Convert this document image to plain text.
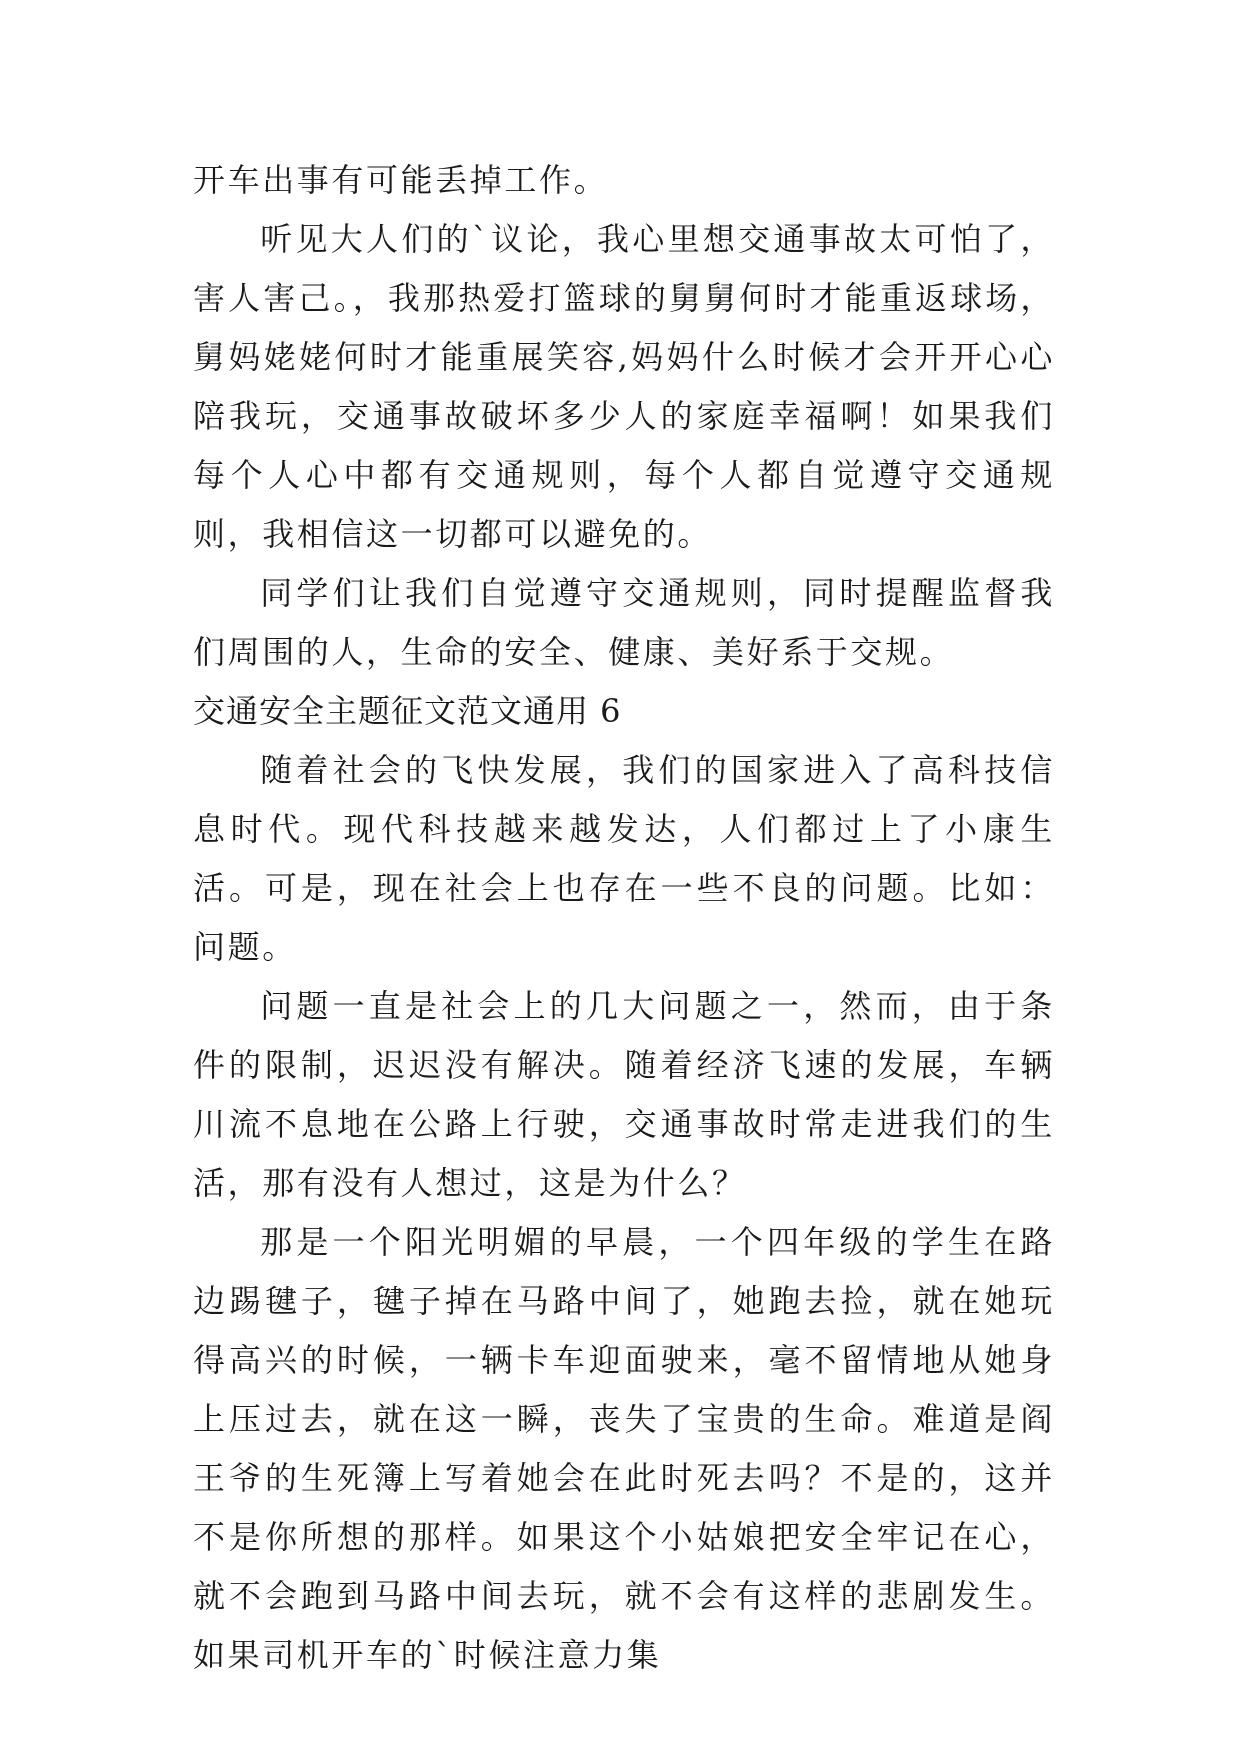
开车出事有可能丢掉工作。

听见大人们的`议论，我心里想交通事故太可怕了，害人害己。，我那热爱打篮球的舅舅何时才能重返球场，舅妈姥姥何时才能重展笑容,妈妈什么时候才会开开心心陪我玩，交通事故破坏多少人的家庭幸福啊！如果我们每个人心中都有交通规则，每个人都自觉遵守交通规则，我相信这一切都可以避免的。

同学们让我们自觉遵守交通规则，同时提醒监督我们周围的人，生命的安全、健康、美好系于交规。

交通安全主题征文范文通用 6

随着社会的飞快发展，我们的国家进入了高科技信息时代。现代科技越来越发达，人们都过上了小康生活。可是，现在社会上也存在一些不良的问题。比如：问题。

问题一直是社会上的几大问题之一，然而，由于条件的限制，迟迟没有解决。随着经济飞速的发展，车辆川流不息地在公路上行驶，交通事故时常走进我们的生活，那有没有人想过，这是为什么？

那是一个阳光明媚的早晨，一个四年级的学生在路边踢毽子，毽子掉在马路中间了，她跑去捡，就在她玩得高兴的时候，一辆卡车迎面驶来，毫不留情地从她身上压过去，就在这一瞬，丧失了宝贵的生命。难道是阎王爷的生死簿上写着她会在此时死去吗？不是的，这并不是你所想的那样。如果这个小姑娘把安全牢记在心，就不会跑到马路中间去玩，就不会有这样的悲剧发生。如果司机开车的`时候注意力集
